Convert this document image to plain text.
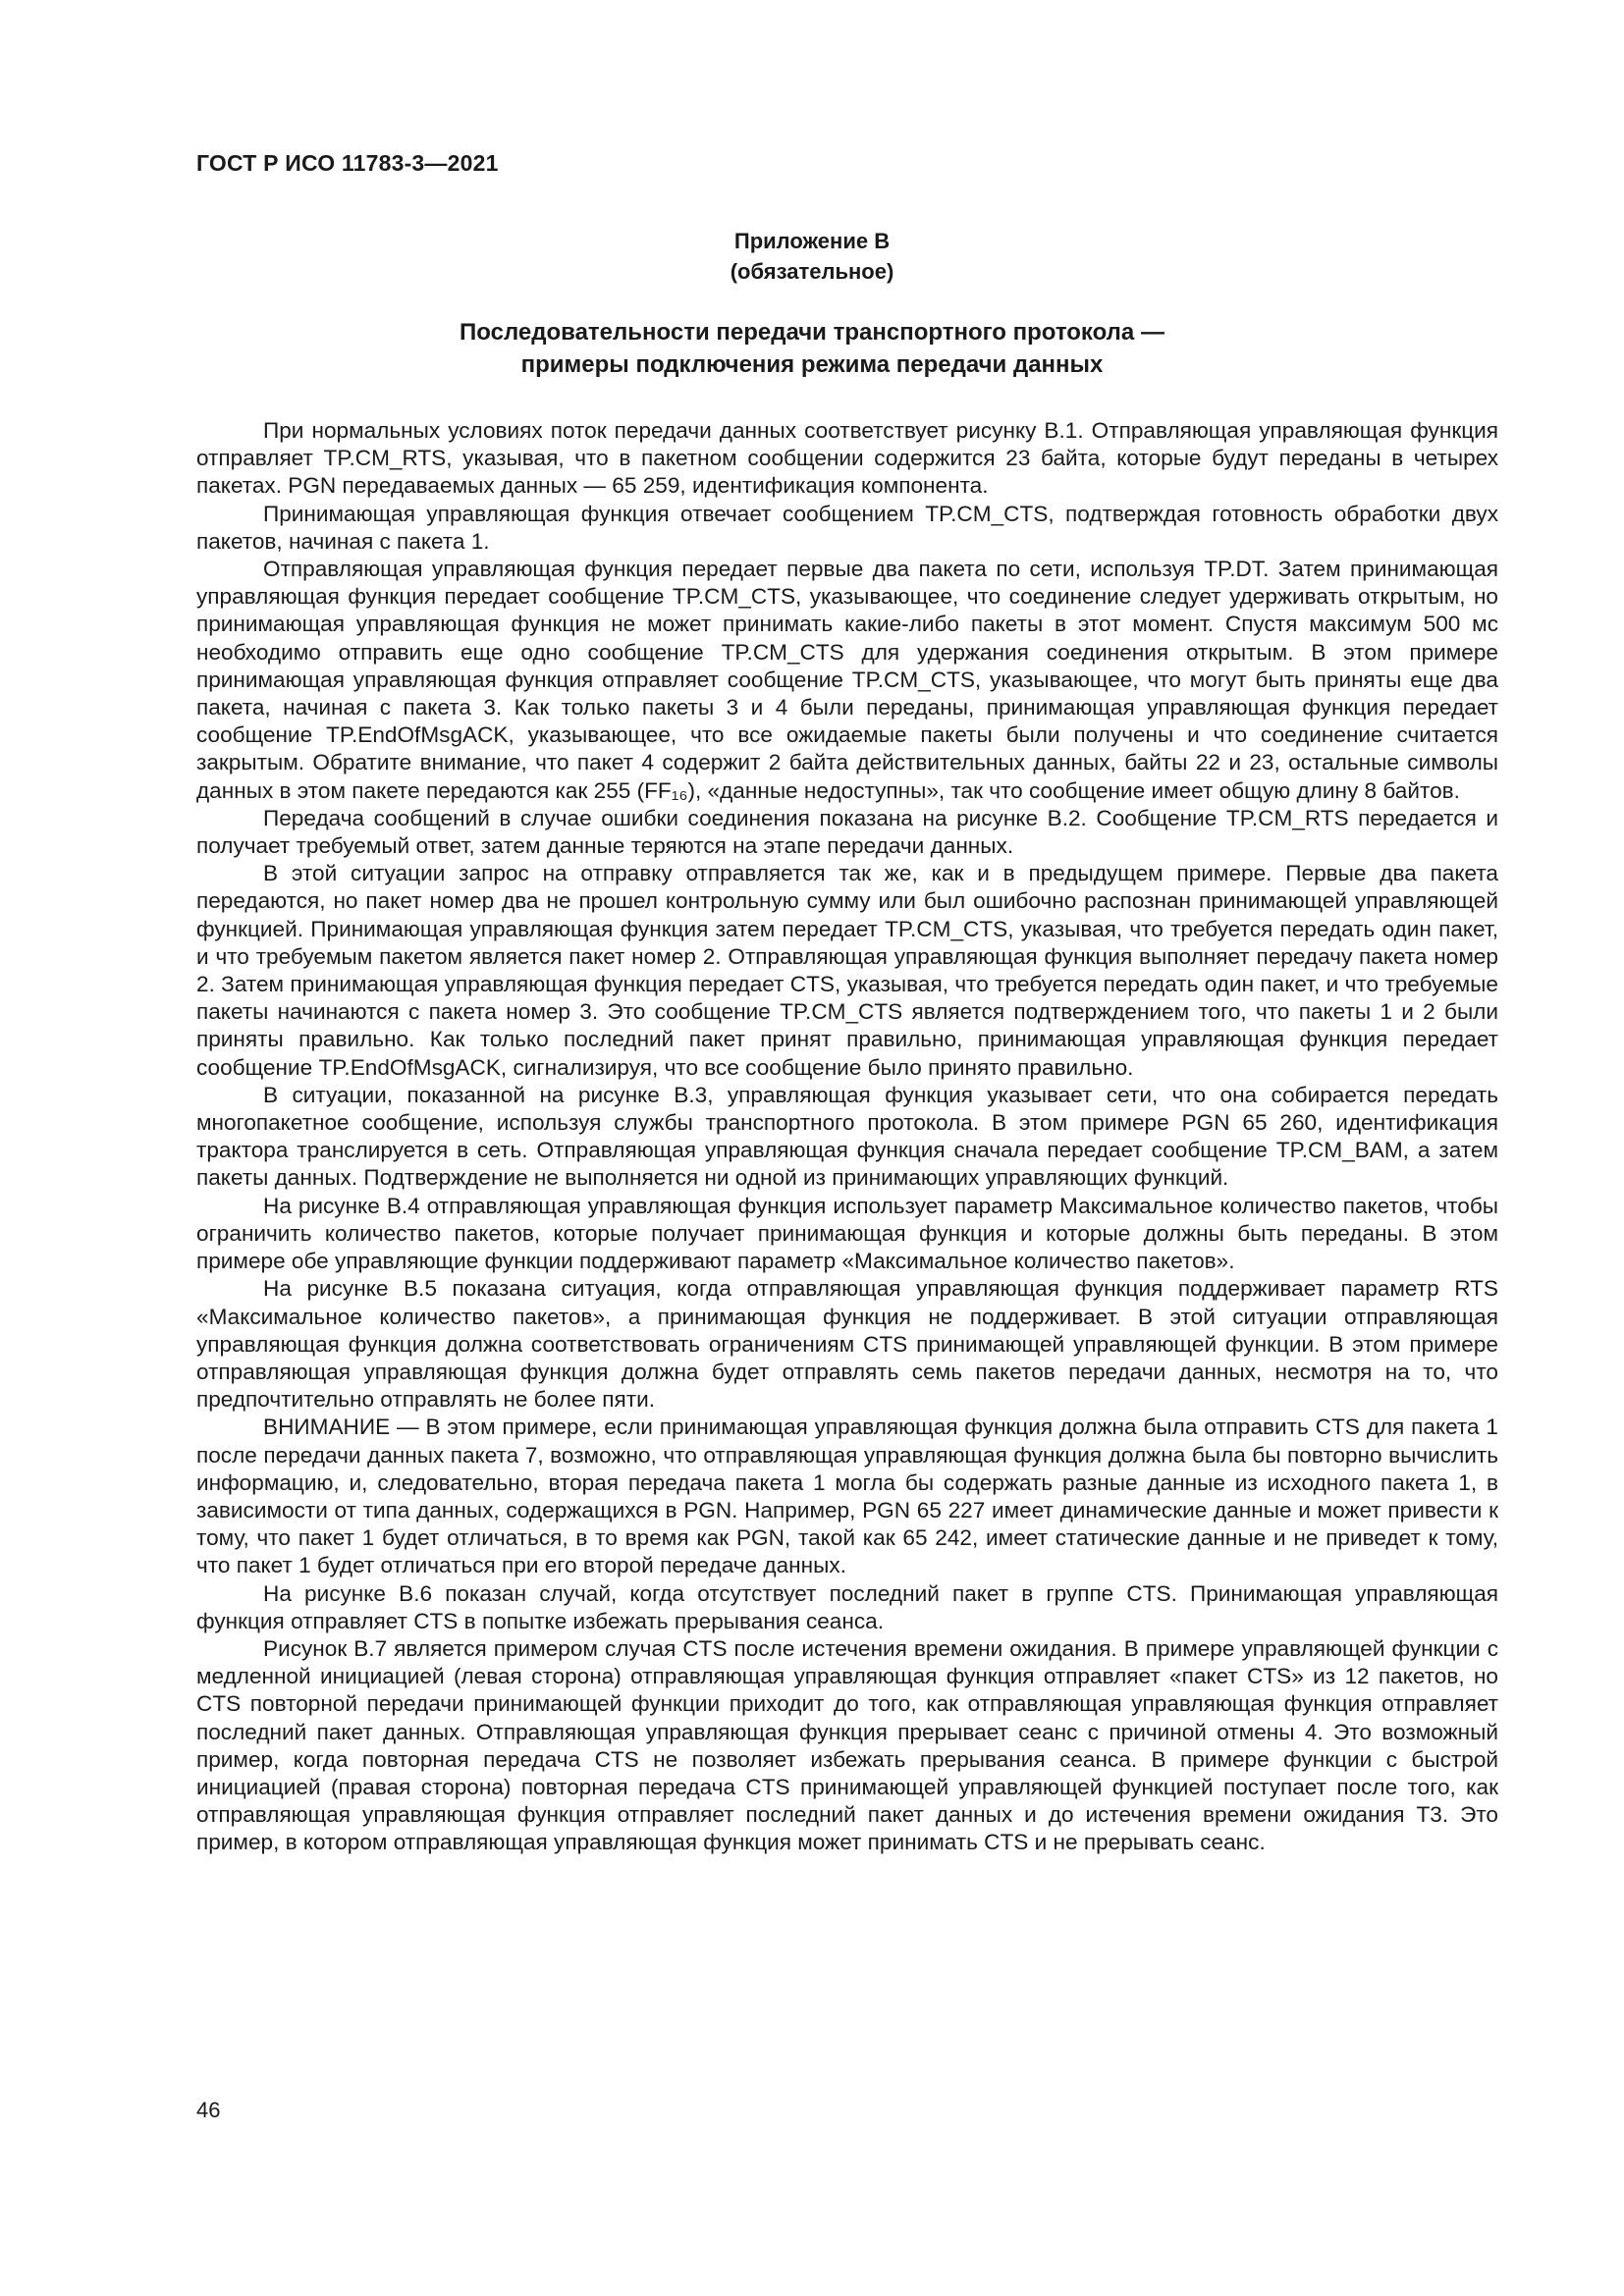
ГОСТ Р ИСО 11783-3—2021
Приложение В
(обязательное)
Последовательности передачи транспортного протокола —
примеры подключения режима передачи данных

При нормальных условиях поток передачи данных соответствует рисунку В.1. Отправляющая управляющая функция отправляет TP.CM_RTS, указывая, что в пакетном сообщении содержится 23 байта, которые будут переданы в четырех пакетах. PGN передаваемых данных — 65 259, идентификация компонента.

Принимающая управляющая функция отвечает сообщением TP.CM_CTS, подтверждая готовность обработки двух пакетов, начиная с пакета 1.

Отправляющая управляющая функция передает первые два пакета по сети, используя TP.DT. Затем принимающая управляющая функция передает сообщение TP.CM_CTS, указывающее, что соединение следует удерживать открытым, но принимающая управляющая функция не может принимать какие-либо пакеты в этот момент. Спустя максимум 500 мс необходимо отправить еще одно сообщение TP.CM_CTS для удержания соединения открытым. В этом примере принимающая управляющая функция отправляет сообщение TP.CM_CTS, указывающее, что могут быть приняты еще два пакета, начиная с пакета 3. Как только пакеты 3 и 4 были переданы, принимающая управляющая функция передает сообщение TP.EndOfMsgACK, указывающее, что все ожидаемые пакеты были получены и что соединение считается закрытым. Обратите внимание, что пакет 4 содержит 2 байта действительных данных, байты 22 и 23, остальные символы данных в этом пакете передаются как 255 (FF₁₆), «данные недоступны», так что сообщение имеет общую длину 8 байтов.

Передача сообщений в случае ошибки соединения показана на рисунке В.2. Сообщение TP.CM_RTS передается и получает требуемый ответ, затем данные теряются на этапе передачи данных.

В этой ситуации запрос на отправку отправляется так же, как и в предыдущем примере. Первые два пакета передаются, но пакет номер два не прошел контрольную сумму или был ошибочно распознан принимающей управляющей функцией. Принимающая управляющая функция затем передает TP.CM_CTS, указывая, что требуется передать один пакет, и что требуемым пакетом является пакет номер 2. Отправляющая управляющая функция выполняет передачу пакета номер 2. Затем принимающая управляющая функция передает CTS, указывая, что требуется передать один пакет, и что требуемые пакеты начинаются с пакета номер 3. Это сообщение TP.CM_CTS является подтверждением того, что пакеты 1 и 2 были приняты правильно. Как только последний пакет принят правильно, принимающая управляющая функция передает сообщение TP.EndOfMsgACK, сигнализируя, что все сообщение было принято правильно.

В ситуации, показанной на рисунке В.3, управляющая функция указывает сети, что она собирается передать многопакетное сообщение, используя службы транспортного протокола. В этом примере PGN 65 260, идентификация трактора транслируется в сеть. Отправляющая управляющая функция сначала передает сообщение TP.CM_BAM, а затем пакеты данных. Подтверждение не выполняется ни одной из принимающих управляющих функций.

На рисунке В.4 отправляющая управляющая функция использует параметр Максимальное количество пакетов, чтобы ограничить количество пакетов, которые получает принимающая функция и которые должны быть переданы. В этом примере обе управляющие функции поддерживают параметр «Максимальное количество пакетов».

На рисунке В.5 показана ситуация, когда отправляющая управляющая функция поддерживает параметр RTS «Максимальное количество пакетов», а принимающая функция не поддерживает. В этой ситуации отправляющая управляющая функция должна соответствовать ограничениям CTS принимающей управляющей функции. В этом примере отправляющая управляющая функция должна будет отправлять семь пакетов передачи данных, несмотря на то, что предпочтительно отправлять не более пяти.

ВНИМАНИЕ — В этом примере, если принимающая управляющая функция должна была отправить CTS для пакета 1 после передачи данных пакета 7, возможно, что отправляющая управляющая функция должна была бы повторно вычислить информацию, и, следовательно, вторая передача пакета 1 могла бы содержать разные данные из исходного пакета 1, в зависимости от типа данных, содержащихся в PGN. Например, PGN 65 227 имеет динамические данные и может привести к тому, что пакет 1 будет отличаться, в то время как PGN, такой как 65 242, имеет статические данные и не приведет к тому, что пакет 1 будет отличаться при его второй передаче данных.

На рисунке В.6 показан случай, когда отсутствует последний пакет в группе CTS. Принимающая управляющая функция отправляет CTS в попытке избежать прерывания сеанса.

Рисунок В.7 является примером случая CTS после истечения времени ожидания. В примере управляющей функции с медленной инициацией (левая сторона) отправляющая управляющая функция отправляет «пакет CTS» из 12 пакетов, но CTS повторной передачи принимающей функции приходит до того, как отправляющая управляющая функция отправляет последний пакет данных. Отправляющая управляющая функция прерывает сеанс с причиной отмены 4. Это возможный пример, когда повторная передача CTS не позволяет избежать прерывания сеанса. В примере функции с быстрой инициацией (правая сторона) повторная передача CTS принимающей управляющей функцией поступает после того, как отправляющая управляющая функция отправляет последний пакет данных и до истечения времени ожидания Т3. Это пример, в котором отправляющая управляющая функция может принимать CTS и не прерывать сеанс.

46
